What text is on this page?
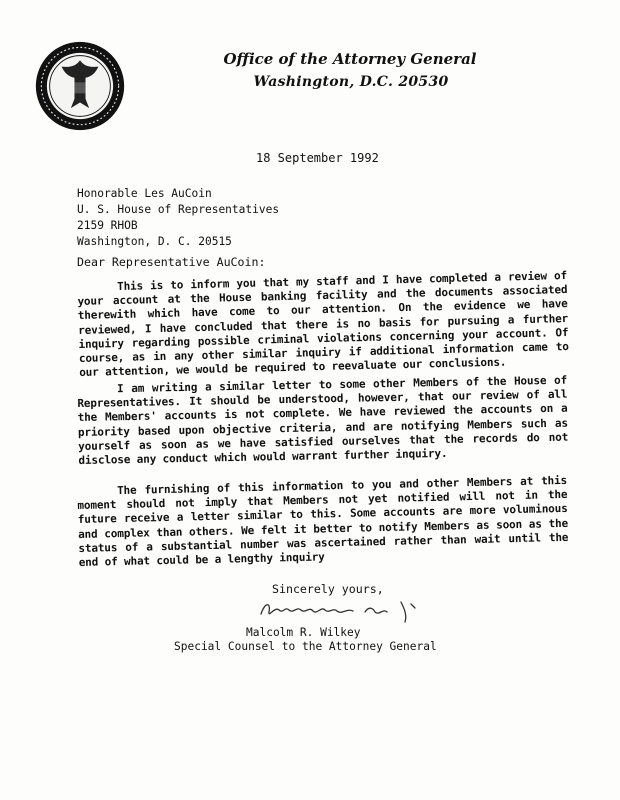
Office of the Attorney General
Washington, D.C. 20530
18 September 1992
Honorable Les AuCoin
U. S. House of Representatives
2159 RHOB
Washington, D. C. 20515
Dear Representative AuCoin:
This is to inform you that my staff and I have completed a review of your account at the House banking facility and the documents associated therewith which have come to our attention. On the evidence we have reviewed, I have concluded that there is no basis for pursuing a further inquiry regarding possible criminal violations concerning your account. Of course, as in any other similar inquiry if additional information came to our attention, we would be required to reevaluate our conclusions.
I am writing a similar letter to some other Members of the House of Representatives. It should be understood, however, that our review of all the Members' accounts is not complete. We have reviewed the accounts on a priority based upon objective criteria, and are notifying Members such as yourself as soon as we have satisfied ourselves that the records do not disclose any conduct which would warrant further inquiry.
The furnishing of this information to you and other Members at this moment should not imply that Members not yet notified will not in the future receive a letter similar to this. Some accounts are more voluminous and complex than others. We felt it better to notify Members as soon as the status of a substantial number was ascertained rather than wait until the end of what could be a lengthy inquiry
Sincerely yours,
Malcolm R. Wilkey
Special Counsel to the Attorney General
